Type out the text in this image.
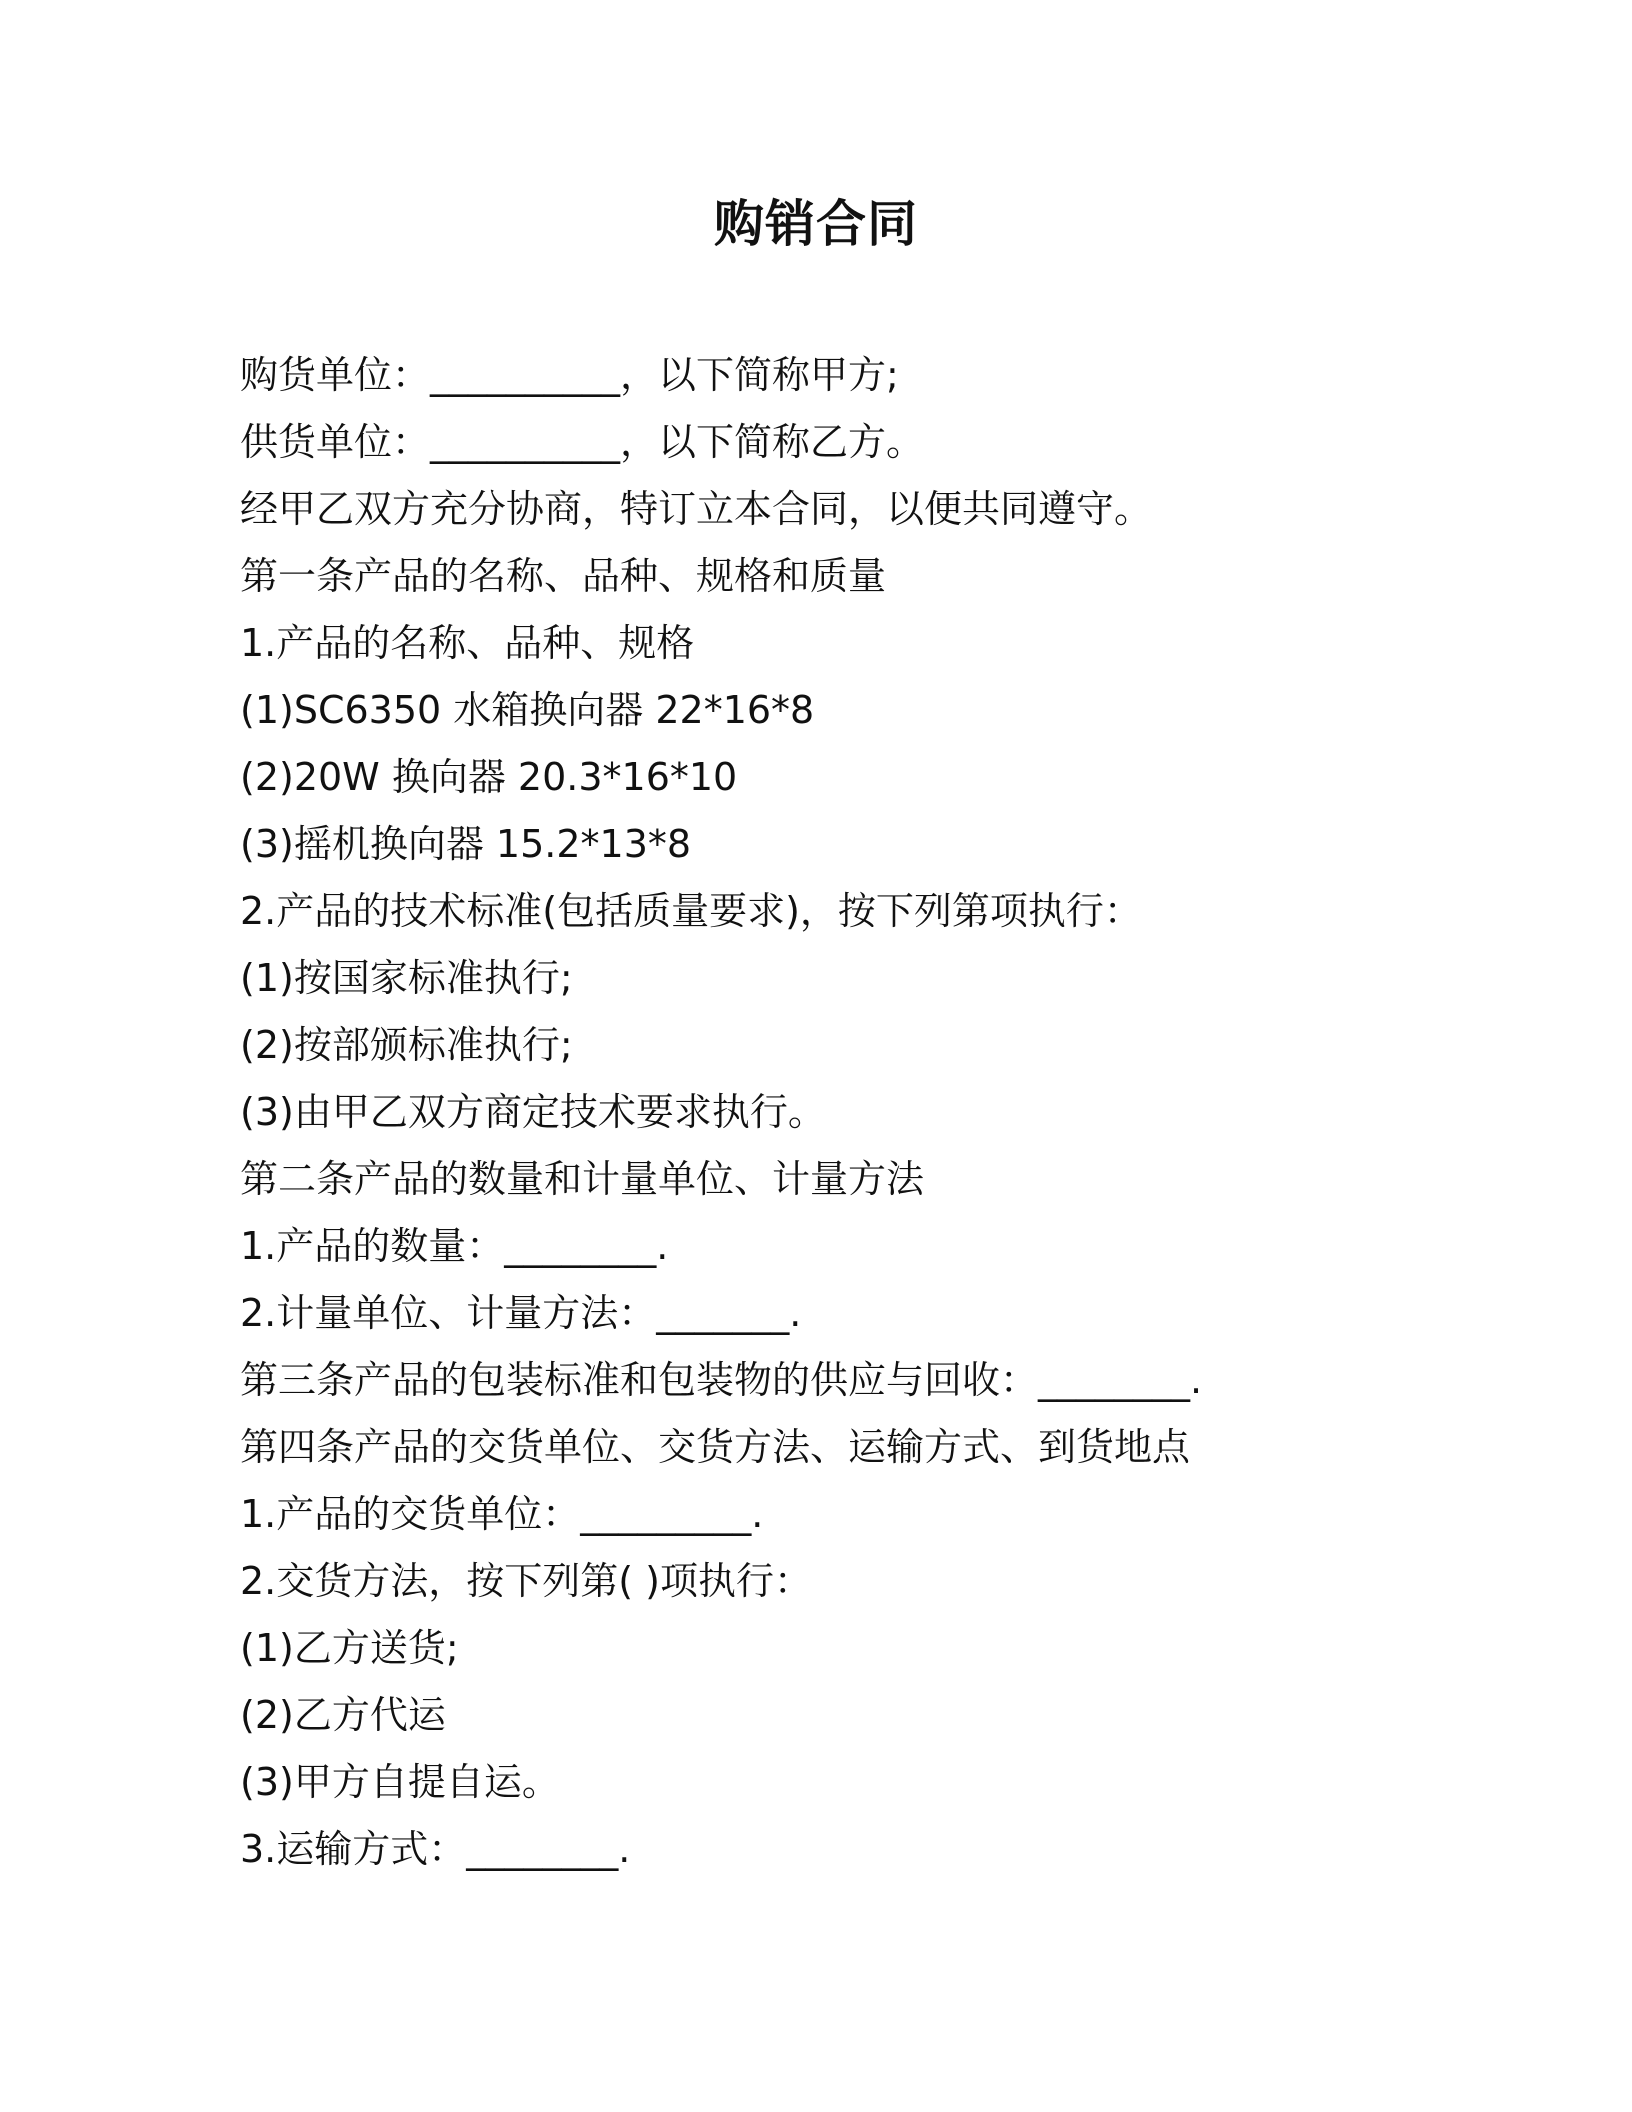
购销合同
购货单位：__________，以下简称甲方;
供货单位：__________，以下简称乙方。
经甲乙双方充分协商，特订立本合同，以便共同遵守。
第一条产品的名称、品种、规格和质量
1.产品的名称、品种、规格
(1)SC6350 水箱换向器 22*16*8
(2)20W 换向器 20.3*16*10
(3)摇机换向器 15.2*13*8
2.产品的技术标准(包括质量要求)，按下列第项执行：
(1)按国家标准执行;
(2)按部颁标准执行;
(3)由甲乙双方商定技术要求执行。
第二条产品的数量和计量单位、计量方法
1.产品的数量：________.
2.计量单位、计量方法：_______.
第三条产品的包装标准和包装物的供应与回收：________.
第四条产品的交货单位、交货方法、运输方式、到货地点
1.产品的交货单位：_________.
2.交货方法，按下列第( )项执行：
(1)乙方送货;
(2)乙方代运
(3)甲方自提自运。
3.运输方式：________.
